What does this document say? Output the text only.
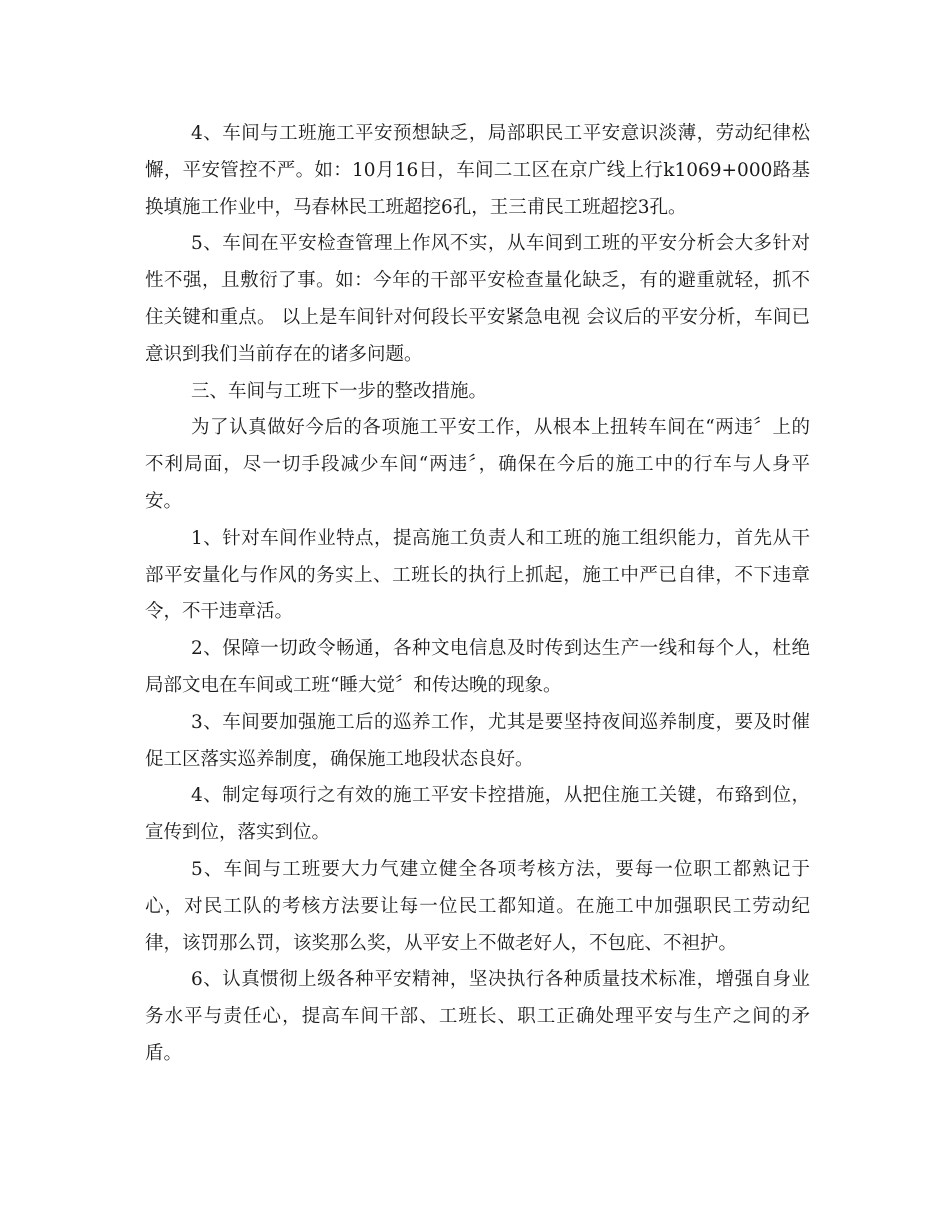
4、车间与工班施工平安预想缺乏，局部职民工平安意识淡薄，劳动纪律松懈，平安管控不严。如：10月16日，车间二工区在京广线上行k1069+000路基换填施工作业中，马春林民工班超挖6孔，王三甫民工班超挖3孔。

5、车间在平安检查管理上作风不实，从车间到工班的平安分析会大多针对性不强，且敷衍了事。如：今年的干部平安检查量化缺乏，有的避重就轻，抓不住关键和重点。 以上是车间针对何段长平安紧急电视 会议后的平安分析，车间已意识到我们当前存在的诸多问题。

三、车间与工班下一步的整改措施。

为了认真做好今后的各项施工平安工作，从根本上扭转车间在“两违〞上的不利局面，尽一切手段减少车间“两违〞，确保在今后的施工中的行车与人身平安。

1、针对车间作业特点，提高施工负责人和工班的施工组织能力，首先从干部平安量化与作风的务实上、工班长的执行上抓起，施工中严已自律，不下违章令，不干违章活。

2、保障一切政令畅通，各种文电信息及时传到达生产一线和每个人，杜绝局部文电在车间或工班“睡大觉〞和传达晚的现象。

3、车间要加强施工后的巡养工作，尤其是要坚持夜间巡养制度，要及时催促工区落实巡养制度，确保施工地段状态良好。

4、制定每项行之有效的施工平安卡控措施，从把住施工关键，布臵到位，宣传到位，落实到位。

5、车间与工班要大力气建立健全各项考核方法，要每一位职工都熟记于心，对民工队的考核方法要让每一位民工都知道。在施工中加强职民工劳动纪律，该罚那么罚，该奖那么奖，从平安上不做老好人，不包庇、不袒护。

6、认真惯彻上级各种平安精神，坚决执行各种质量技术标准，增强自身业务水平与责任心，提高车间干部、工班长、职工正确处理平安与生产之间的矛盾。
